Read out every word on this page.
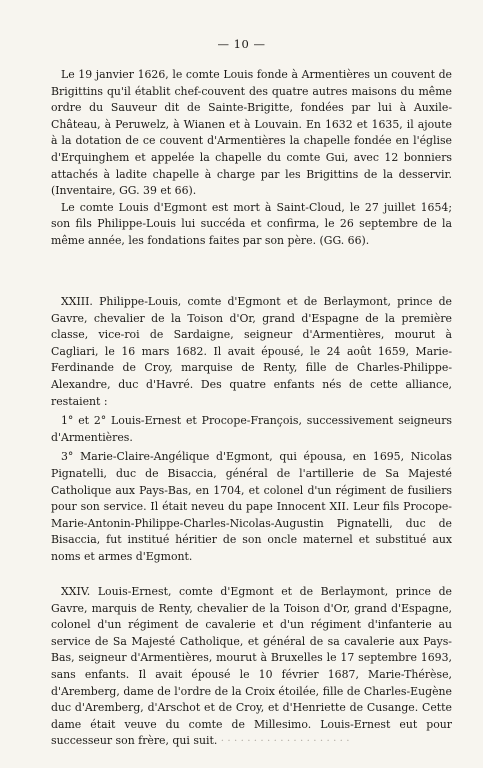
— 10 —

Le 19 janvier 1626, le comte Louis fonde à Armentières un couvent de Brigittins qu'il établit chef-couvent des quatre autres maisons du même ordre du Sauveur dit de Sainte-Brigitte, fondées par lui à Auxile-Château, à Peruwelz, à Wianen et à Louvain. En 1632 et 1635, il ajoute à la dotation de ce couvent d'Armentières la chapelle fondée en l'église d'Erquinghem et appelée la chapelle du comte Gui, avec 12 bonniers attachés à ladite chapelle à charge par les Brigittins de la desservir. (Inventaire, GG. 39 et 66).

Le comte Louis d'Egmont est mort à Saint-Cloud, le 27 juillet 1654; son fils Philippe-Louis lui succéda et confirma, le 26 septembre de la même année, les fondations faites par son père. (GG. 66).

XXIII. Philippe-Louis, comte d'Egmont et de Berlaymont, prince de Gavre, chevalier de la Toison d'Or, grand d'Espagne de la première classe, vice-roi de Sardaigne, seigneur d'Armentières, mourut à Cagliari, le 16 mars 1682. Il avait épousé, le 24 août 1659, Marie-Ferdinande de Croy, marquise de Renty, fille de Charles-Philippe-Alexandre, duc d'Havré. Des quatre enfants nés de cette alliance, restaient :

1° et 2° Louis-Ernest et Procope-François, successivement seigneurs d'Armentières.

3° Marie-Claire-Angélique d'Egmont, qui épousa, en 1695, Nicolas Pignatelli, duc de Bisaccia, général de l'artillerie de Sa Majesté Catholique aux Pays-Bas, en 1704, et colonel d'un régiment de fusiliers pour son service. Il était neveu du pape Innocent XII. Leur fils Procope-Marie-Antonin-Philippe-Charles-Nicolas-Augustin Pignatelli, duc de Bisaccia, fut institué héritier de son oncle maternel et substitué aux noms et armes d'Egmont.

XXIV. Louis-Ernest, comte d'Egmont et de Berlaymont, prince de Gavre, marquis de Renty, chevalier de la Toison d'Or, grand d'Espagne, colonel d'un régiment de cavalerie et d'un régiment d'infanterie au service de Sa Majesté Catholique, et général de sa cavalerie aux Pays-Bas, seigneur d'Armentières, mourut à Bruxelles le 17 septembre 1693, sans enfants. Il avait épousé le 10 février 1687, Marie-Thérèse, d'Aremberg, dame de l'ordre de la Croix étoilée, fille de Charles-Eugène duc d'Aremberg, d'Arschot et de Croy, et d'Henriette de Cusange. Cette dame était veuve du comte de Millesimo. Louis-Ernest eut pour successeur son frère, qui suit. · · · · · · · · · · · · · · · · · · · ·
